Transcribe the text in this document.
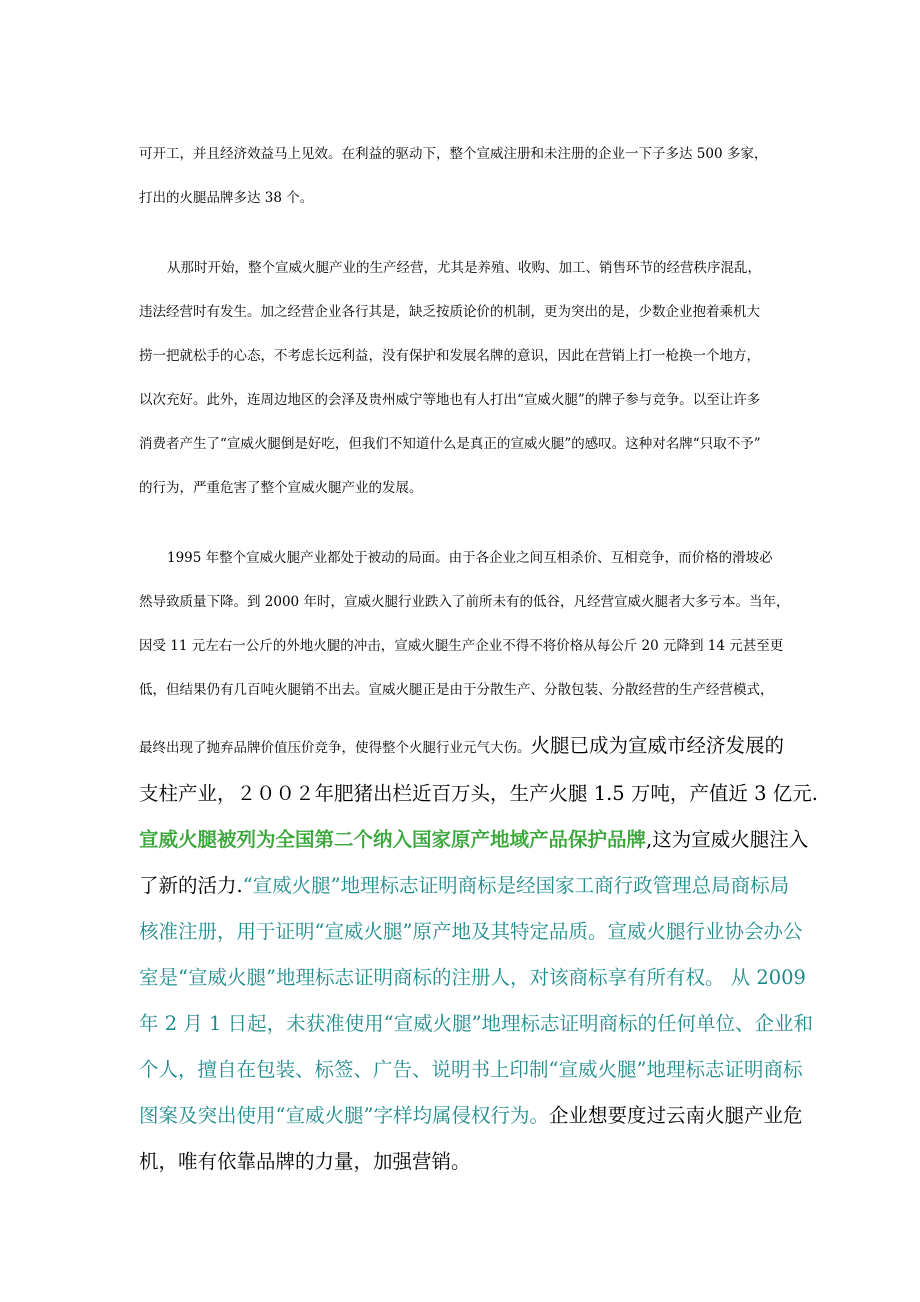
可开工，并且经济效益马上见效。在利益的驱动下，整个宣威注册和未注册的企业一下子多达 500 多家，
打出的火腿品牌多达 38 个。
从那时开始，整个宣威火腿产业的生产经营，尤其是养殖、收购、加工、销售环节的经营秩序混乱，
违法经营时有发生。加之经营企业各行其是，缺乏按质论价的机制，更为突出的是，少数企业抱着乘机大
捞一把就松手的心态，不考虑长远利益，没有保护和发展名牌的意识，因此在营销上打一枪换一个地方，
以次充好。此外，连周边地区的会泽及贵州威宁等地也有人打出“宣威火腿”的牌子参与竞争。以至让许多
消费者产生了“宣威火腿倒是好吃，但我们不知道什么是真正的宣威火腿”的感叹。这种对名牌“只取不予”
的行为，严重危害了整个宣威火腿产业的发展。
1995 年整个宣威火腿产业都处于被动的局面。由于各企业之间互相杀价、互相竞争，而价格的滑坡必
然导致质量下降。到 2000 年时，宣威火腿行业跌入了前所未有的低谷，凡经营宣威火腿者大多亏本。当年，
因受 11 元左右一公斤的外地火腿的冲击，宣威火腿生产企业不得不将价格从每公斤 20 元降到 14 元甚至更
低，但结果仍有几百吨火腿销不出去。宣威火腿正是由于分散生产、分散包装、分散经营的生产经营模式，
最终出现了抛弃品牌价值压价竞争，使得整个火腿行业元气大伤。火腿已成为宣威市经济发展的
支柱产业，２００２年肥猪出栏近百万头，生产火腿 1.5 万吨，产值近 3 亿元.
宣威火腿被列为全国第二个纳入国家原产地域产品保护品牌,这为宣威火腿注入
了新的活力.“宣威火腿”地理标志证明商标是经国家工商行政管理总局商标局
核准注册，用于证明“宣威火腿”原产地及其特定品质。宣威火腿行业协会办公
室是“宣威火腿”地理标志证明商标的注册人，对该商标享有所有权。 从 2009
年 2 月 1 日起，未获准使用“宣威火腿”地理标志证明商标的任何单位、企业和
个人，擅自在包装、标签、广告、说明书上印制“宣威火腿”地理标志证明商标
图案及突出使用“宣威火腿”字样均属侵权行为。企业想要度过云南火腿产业危
机，唯有依靠品牌的力量，加强营销。
